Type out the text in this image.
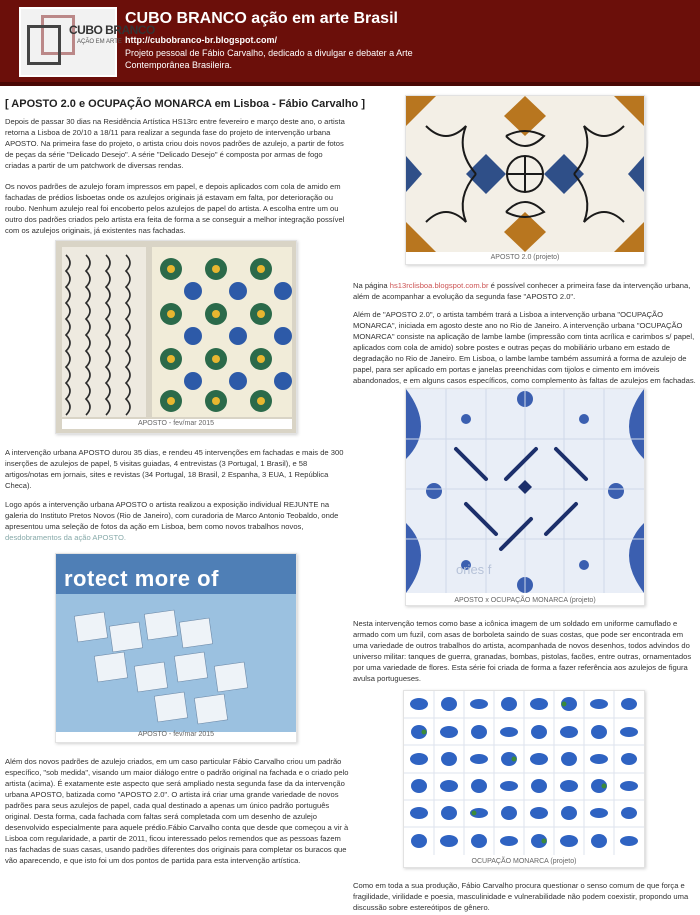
CUBO BRANCO
AÇÃO EM ARTE
CUBO BRANCO ação em arte Brasil
http://cubobranco-br.blogspot.com/
Projeto pessoal de Fábio Carvalho, dedicado a divulgar e debater a Arte Contemporânea Brasileira.
[ APOSTO 2.0 e OCUPAÇÃO MONARCA em Lisboa - Fábio Carvalho ]
Depois de passar 30 dias na Residência Artística HS13rc entre fevereiro e março deste ano, o artista retorna a Lisboa de 20/10 a 18/11 para realizar a segunda fase do projeto de intervenção urbana APOSTO. Na primeira fase do projeto, o artista criou dois novos padrões de azulejo, a partir de fotos de peças da série "Delicado Desejo". A série "Delicado Desejo" é composta por armas de fogo criadas a partir de um patchwork de diversas rendas.
Os novos padrões de azulejo foram impressos em papel, e depois aplicados com cola de amido em fachadas de prédios lisboetas onde os azulejos originais já estavam em falta, por deterioração ou roubo. Nenhum azulejo real foi encoberto pelos azulejos de papel do artista. A escolha entre um ou outro dos padrões criados pelo artista era feita de forma a se conseguir a melhor integração possível com os azulejos originais, já existentes nas fachadas.
APOSTO - fev/mar 2015
A intervenção urbana APOSTO durou 35 dias, e rendeu 45 intervenções em fachadas e mais de 300 inserções de azulejos de papel, 5 visitas guiadas, 4 entrevistas (3 Portugal, 1 Brasil), e 58 artigos/notas em jornais, sites e revistas (34 Portugal, 18 Brasil, 2 Espanha, 3 EUA, 1 República Checa).
Logo após a intervenção urbana APOSTO o artista realizou a exposição individual REJUNTE na galeria do Instituto Pretos Novos (Rio de Janeiro), com curadoria de Marco Antonio Teobaldo, onde apresentou uma seleção de fotos da ação em Lisboa, bem como novos trabalhos novos, desdobramentos da ação APOSTO.
rotect more of
APOSTO - fev/mar 2015
Além dos novos padrões de azulejo criados, em um caso particular Fábio Carvalho criou um padrão específico, "sob medida", visando um maior diálogo entre o padrão original na fachada e o criado pelo artista (acima). É exatamente este aspecto que será ampliado nesta segunda fase da da intervenção urbana APOSTO, batizada como "APOSTO 2.0". O artista irá criar uma grande variedade de novos padrões para seus azulejos de papel, cada qual destinado a apenas um único padrão português original. Desta forma, cada fachada com faltas será completada com um desenho de azulejo desenvolvido especialmente para aquele prédio.Fábio Carvalho conta que desde que começou a vir à Lisboa com regularidade, a partir de 2011, ficou interessado pelos remendos que as pessoas fazem nas fachadas de suas casas, usando padrões diferentes dos originais para completar os buracos que vão aparecendo, e que isto foi um dos pontos de partida para esta intervenção artística.
APOSTO 2.0 (projeto)
Na página hs13rclisboa.blogspot.com.br é possível conhecer a primeira fase da intervenção urbana, além de acompanhar a evolução da segunda fase "APOSTO 2.0".
Além de "APOSTO 2.0", o artista também trará a Lisboa a intervenção urbana "OCUPAÇÃO MONARCA", iniciada em agosto deste ano no Rio de Janeiro. A intervenção urbana "OCUPAÇÃO MONARCA" consiste na aplicação de lambe lambe (impressão com tinta acrílica e carimbos s/ papel, aplicados com cola de amido) sobre postes e outras peças do mobiliário urbano em estado de degradação no Rio de Janeiro. Em Lisboa, o lambe lambe também assumirá a forma de azulejo de papel, para ser aplicado em portas e janelas preenchidas com tijolos e cimento em imóveis abandonados, e em alguns casos específicos, como complemento às faltas de azulejos em fachadas.
ories f
APOSTO x OCUPAÇÃO MONARCA (projeto)
Nesta intervenção temos como base a icônica imagem de um soldado em uniforme camuflado e armado com um fuzil, com asas de borboleta saindo de suas costas, que pode ser encontrada em uma variedade de outros trabalhos do artista, acompanhada de novos desenhos, todos advindos do universo militar: tanques de guerra, granadas, bombas, pistolas, facões, entre outras, ornamentados por uma variedade de flores. Esta série foi criada de forma a fazer referência aos azulejos de figura avulsa portugueses.
OCUPAÇÃO MONARCA (projeto)
Como em toda a sua produção, Fábio Carvalho procura questionar o senso comum de que força e fragilidade, virilidade e poesia, masculinidade e vulnerabilidade não podem coexistir, propondo uma discussão sobre estereótipos de gênero.
